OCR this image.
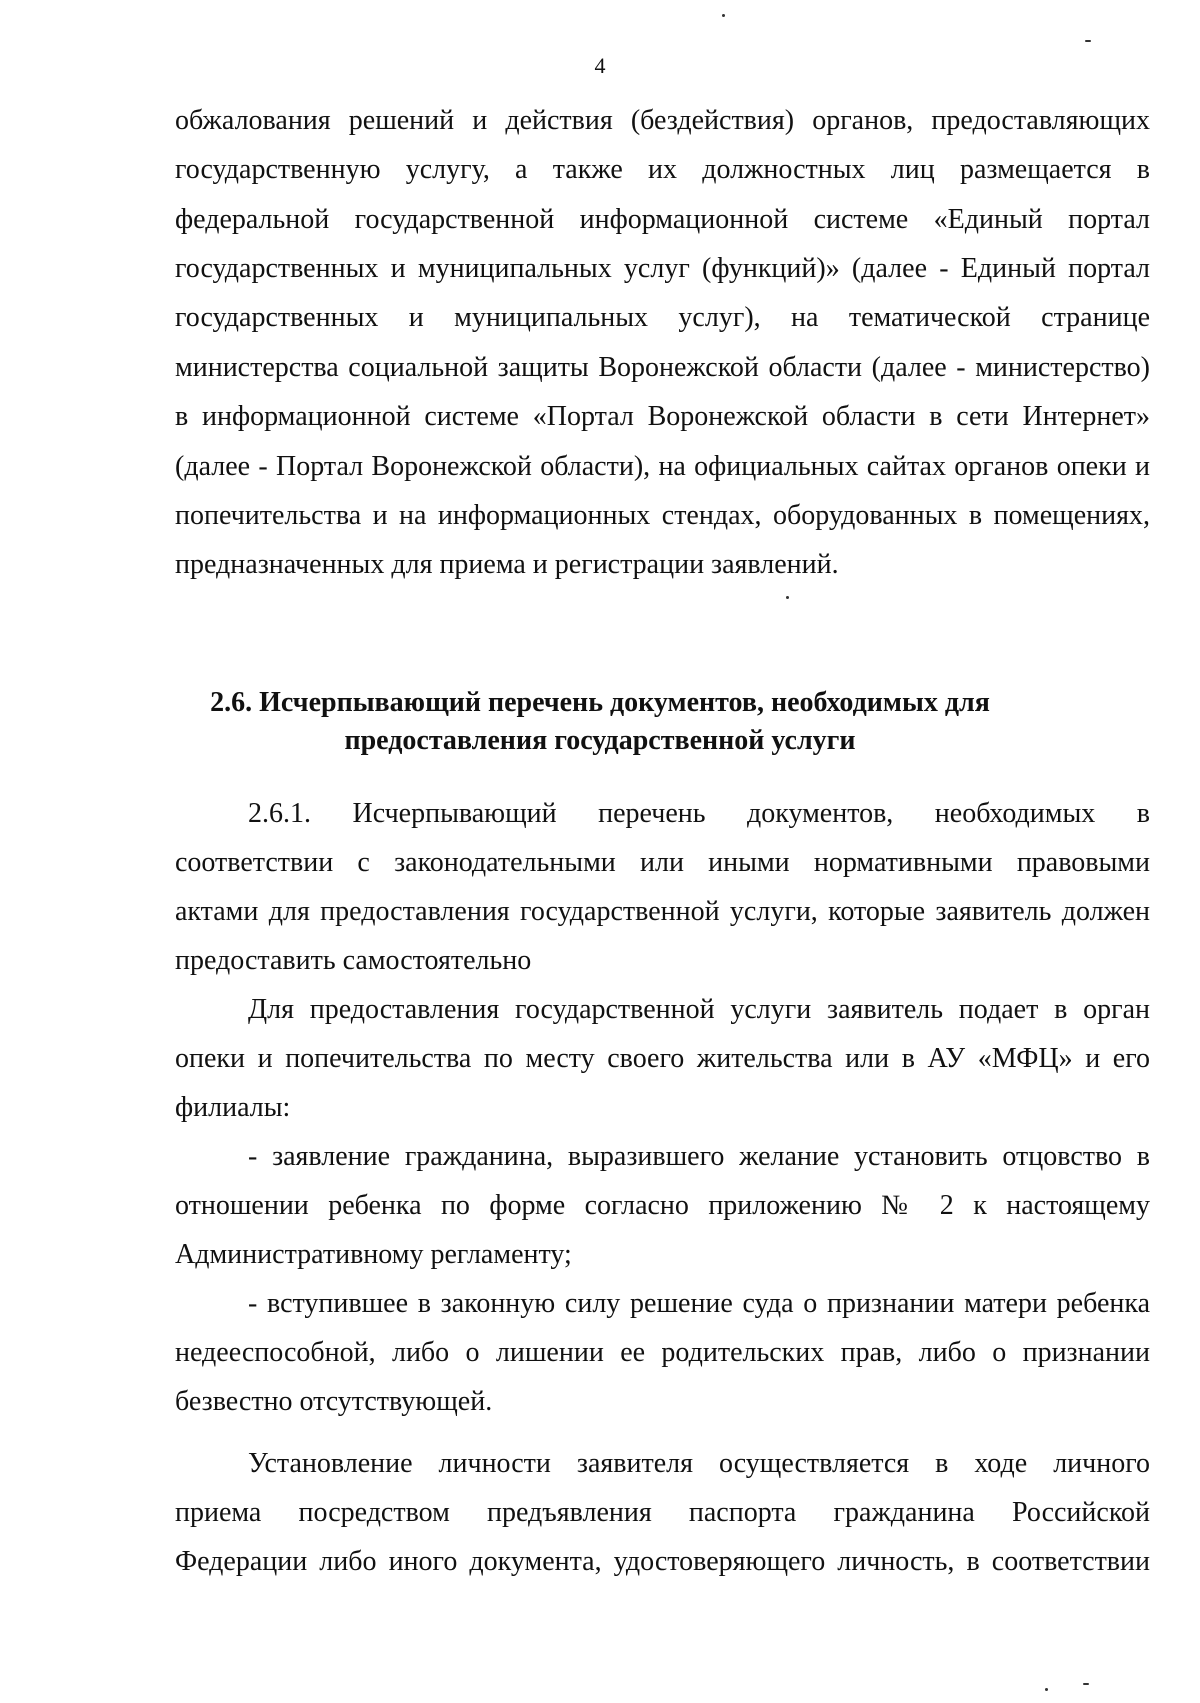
4
обжалования решений и действия (бездействия) органов, предоставляющих
государственную услугу, а также их должностных лиц размещается в
федеральной государственной информационной системе «Единый портал
государственных и муниципальных услуг (функций)» (далее - Единый портал
государственных и муниципальных услуг), на тематической странице
министерства социальной защиты Воронежской области (далее - министерство)
в информационной системе «Портал Воронежской области в сети Интернет»
(далее - Портал Воронежской области), на официальных сайтах органов опеки и
попечительства и на информационных стендах, оборудованных в помещениях,
предназначенных для приема и регистрации заявлений.
2.6. Исчерпывающий перечень документов, необходимых для
предоставления государственной услуги
2.6.1. Исчерпывающий перечень документов, необходимых в
соответствии с законодательными или иными нормативными правовыми
актами для предоставления государственной услуги, которые заявитель должен
предоставить самостоятельно
Для предоставления государственной услуги заявитель подает в орган
опеки и попечительства по месту своего жительства или в АУ «МФЦ» и его
филиалы:
- заявление гражданина, выразившего желание установить отцовство в
отношении ребенка по форме согласно приложению № 2 к настоящему
Административному регламенту;
- вступившее в законную силу решение суда о признании матери ребенка
недееспособной, либо о лишении ее родительских прав, либо о признании
безвестно отсутствующей.
Установление личности заявителя осуществляется в ходе личного
приема посредством предъявления паспорта гражданина Российской
Федерации либо иного документа, удостоверяющего личность, в соответствии
